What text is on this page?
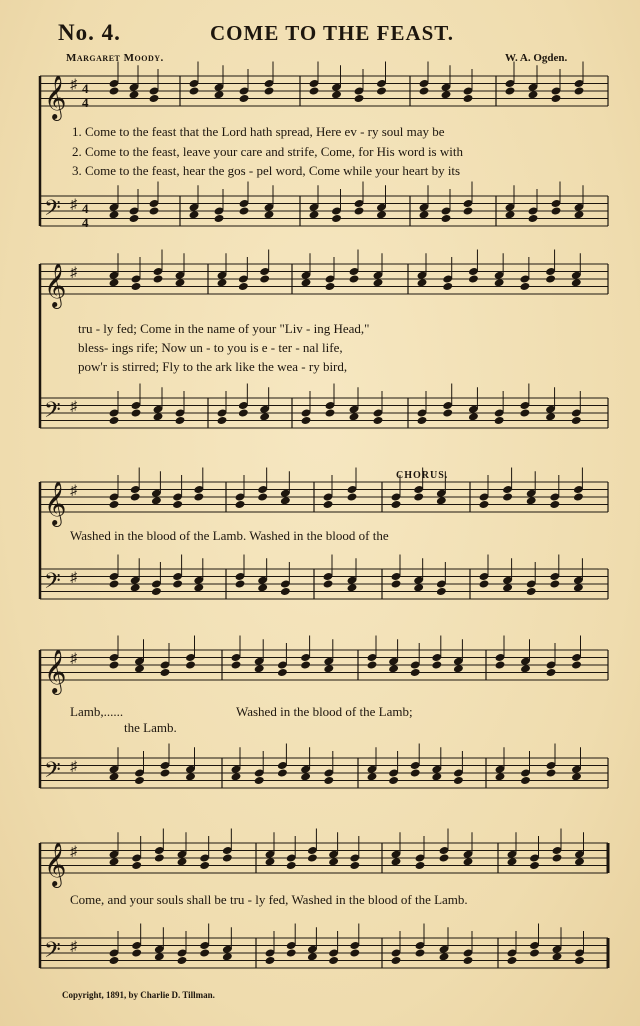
No. 4.	COME TO THE FEAST.
Margaret Moody.	W. A. Ogden.
𝄞 ♯ 4
4
𝄢 ♯ 4
4
𝄞 ♯
𝄢 ♯
𝄞 ♯
𝄢 ♯
𝄞 ♯
𝄢 ♯
𝄞 ♯
𝄢 ♯
1. Come to the feast that the Lord hath spread, Here ev - ry soul may be
2. Come to the feast, leave your care and strife, Come, for His word is with
3. Come to the feast, hear the gos - pel word, Come while your heart by its
tru - ly fed; Come in the name of your "Liv - ing Head,"
bless- ings rife; Now un - to you is e - ter - nal life,
pow'r is stirred; Fly to the ark like the wea - ry bird,
CHORUS.
Washed in the blood of the Lamb. Washed in the blood of the
Lamb,......
the Lamb.
Washed in the blood of the Lamb;
Come, and your souls shall be tru - ly fed, Washed in the blood of the Lamb.
Copyright, 1891, by Charlie D. Tillman.
